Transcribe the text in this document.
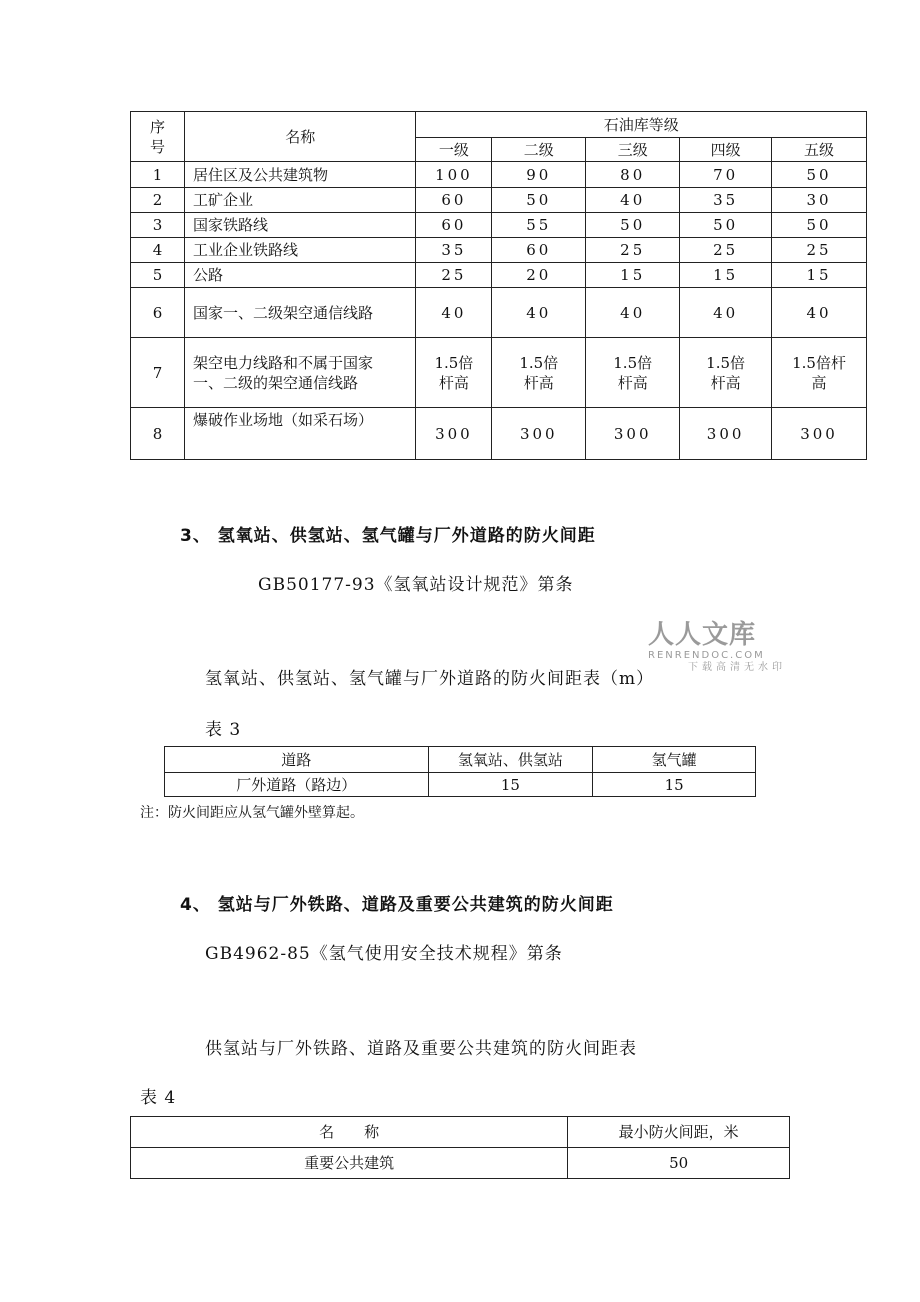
序号	名称	石油库等级				
		一级	二级	三级	四级	五级
1	居住区及公共建筑物	100	90	80	70	50
2	工矿企业	60	50	40	35	30
3	国家铁路线	60	55	50	50	50
4	工业企业铁路线	35	60	25	25	25
5	公路	25	20	15	15	15
6	国家一、二级架空通信线路	40	40	40	40	40
7	架空电力线路和不属于国家一、二级的架空通信线路	1.5倍杆高	1.5倍杆高	1.5倍杆高	1.5倍杆高	1.5倍杆高
8	爆破作业场地（如采石场）	300	300	300	300	300
3、 氢氧站、供氢站、氢气罐与厂外道路的防火间距
GB50177-93《氢氧站设计规范》第条
人人文库
RENRENDOC.COM
下载高清无水印
氢氧站、供氢站、氢气罐与厂外道路的防火间距表（m）
表 3
道路	氢氧站、供氢站	氢气罐
厂外道路（路边）	15	15
注：防火间距应从氢气罐外壁算起。
4、 氢站与厂外铁路、道路及重要公共建筑的防火间距
GB4962-85《氢气使用安全技术规程》第条
供氢站与厂外铁路、道路及重要公共建筑的防火间距表
表 4
名　　称	最小防火间距，米
重要公共建筑	50
